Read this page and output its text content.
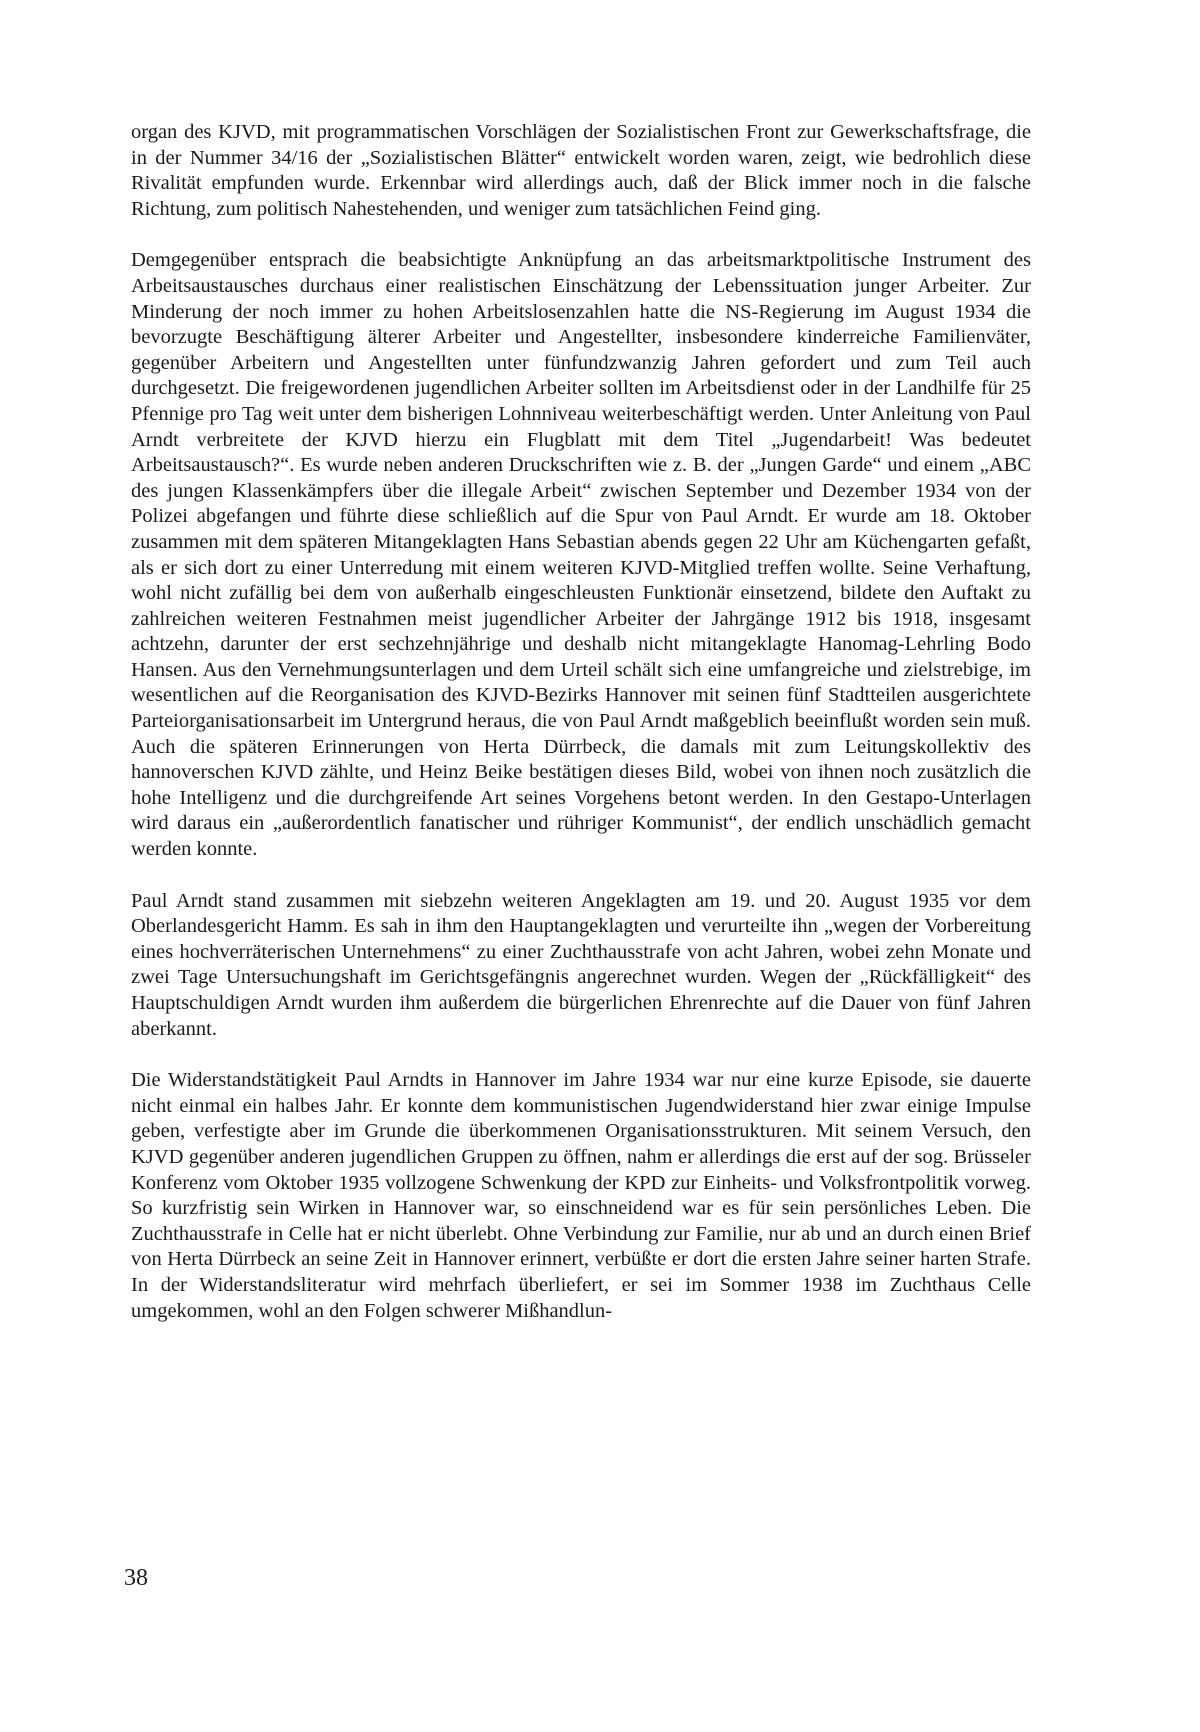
organ des KJVD, mit programmatischen Vorschlägen der Sozialistischen Front zur Gewerkschaftsfrage, die in der Nummer 34/16 der „Sozialistischen Blätter“ entwickelt worden waren, zeigt, wie bedrohlich diese Rivalität empfunden wurde. Erkennbar wird allerdings auch, daß der Blick immer noch in die falsche Richtung, zum politisch Nahestehenden, und weniger zum tatsächlichen Feind ging.

Demgegenüber entsprach die beabsichtigte Anknüpfung an das arbeitsmarktpolitische Instrument des Arbeitsaustausches durchaus einer realistischen Einschätzung der Lebenssituation junger Arbeiter. Zur Minderung der noch immer zu hohen Arbeitslosenzahlen hatte die NS-Regierung im August 1934 die bevorzugte Beschäftigung älterer Arbeiter und Angestellter, insbesondere kinderreiche Familienväter, gegenüber Arbeitern und Angestellten unter fünfundzwanzig Jahren gefordert und zum Teil auch durchgesetzt. Die freigewordenen jugendlichen Arbeiter sollten im Arbeitsdienst oder in der Landhilfe für 25 Pfennige pro Tag weit unter dem bisherigen Lohnniveau weiterbeschäftigt werden. Unter Anleitung von Paul Arndt verbreitete der KJVD hierzu ein Flugblatt mit dem Titel „Jugendarbeit! Was bedeutet Arbeitsaustausch?“. Es wurde neben anderen Druckschriften wie z. B. der „Jungen Garde“ und einem „ABC des jungen Klassenkämpfers über die illegale Arbeit“ zwischen September und Dezember 1934 von der Polizei abgefangen und führte diese schließlich auf die Spur von Paul Arndt. Er wurde am 18. Oktober zusammen mit dem späteren Mitangeklagten Hans Sebastian abends gegen 22 Uhr am Küchengarten gefaßt, als er sich dort zu einer Unterredung mit einem weiteren KJVD-Mitglied treffen wollte. Seine Verhaftung, wohl nicht zufällig bei dem von außerhalb eingeschleusten Funktionär einsetzend, bildete den Auftakt zu zahlreichen weiteren Festnahmen meist jugendlicher Arbeiter der Jahrgänge 1912 bis 1918, insgesamt achtzehn, darunter der erst sechzehnjährige und deshalb nicht mitangeklagte Hanomag-Lehrling Bodo Hansen. Aus den Vernehmungsunterlagen und dem Urteil schält sich eine umfangreiche und zielstrebige, im wesentlichen auf die Reorganisation des KJVD-Bezirks Hannover mit seinen fünf Stadtteilen ausgerichtete Parteiorganisationsarbeit im Untergrund heraus, die von Paul Arndt maßgeblich beeinflußt worden sein muß. Auch die späteren Erinnerungen von Herta Dürrbeck, die damals mit zum Leitungskollektiv des hannoverschen KJVD zählte, und Heinz Beike bestätigen dieses Bild, wobei von ihnen noch zusätzlich die hohe Intelligenz und die durchgreifende Art seines Vorgehens betont werden. In den Gestapo-Unterlagen wird daraus ein „außerordentlich fanatischer und rühriger Kommunist“, der endlich unschädlich gemacht werden konnte.

Paul Arndt stand zusammen mit siebzehn weiteren Angeklagten am 19. und 20. August 1935 vor dem Oberlandesgericht Hamm. Es sah in ihm den Hauptangeklagten und verurteilte ihn „wegen der Vorbereitung eines hochverräterischen Unternehmens“ zu einer Zuchthausstrafe von acht Jahren, wobei zehn Monate und zwei Tage Untersuchungshaft im Gerichtsgefängnis angerechnet wurden. Wegen der „Rückfälligkeit“ des Hauptschuldigen Arndt wurden ihm außerdem die bürgerlichen Ehrenrechte auf die Dauer von fünf Jahren aberkannt.

Die Widerstandstätigkeit Paul Arndts in Hannover im Jahre 1934 war nur eine kurze Episode, sie dauerte nicht einmal ein halbes Jahr. Er konnte dem kommunistischen Jugendwiderstand hier zwar einige Impulse geben, verfestigte aber im Grunde die überkommenen Organisationsstrukturen. Mit seinem Versuch, den KJVD gegenüber anderen jugendlichen Gruppen zu öffnen, nahm er allerdings die erst auf der sog. Brüsseler Konferenz vom Oktober 1935 vollzogene Schwenkung der KPD zur Einheits- und Volksfrontpolitik vorweg. So kurzfristig sein Wirken in Hannover war, so einschneidend war es für sein persönliches Leben. Die Zuchthausstrafe in Celle hat er nicht überlebt. Ohne Verbindung zur Familie, nur ab und an durch einen Brief von Herta Dürrbeck an seine Zeit in Hannover erinnert, verbüßte er dort die ersten Jahre seiner harten Strafe. In der Widerstandsliteratur wird mehrfach überliefert, er sei im Sommer 1938 im Zuchthaus Celle umgekommen, wohl an den Folgen schwerer Mißhandlun-

38
